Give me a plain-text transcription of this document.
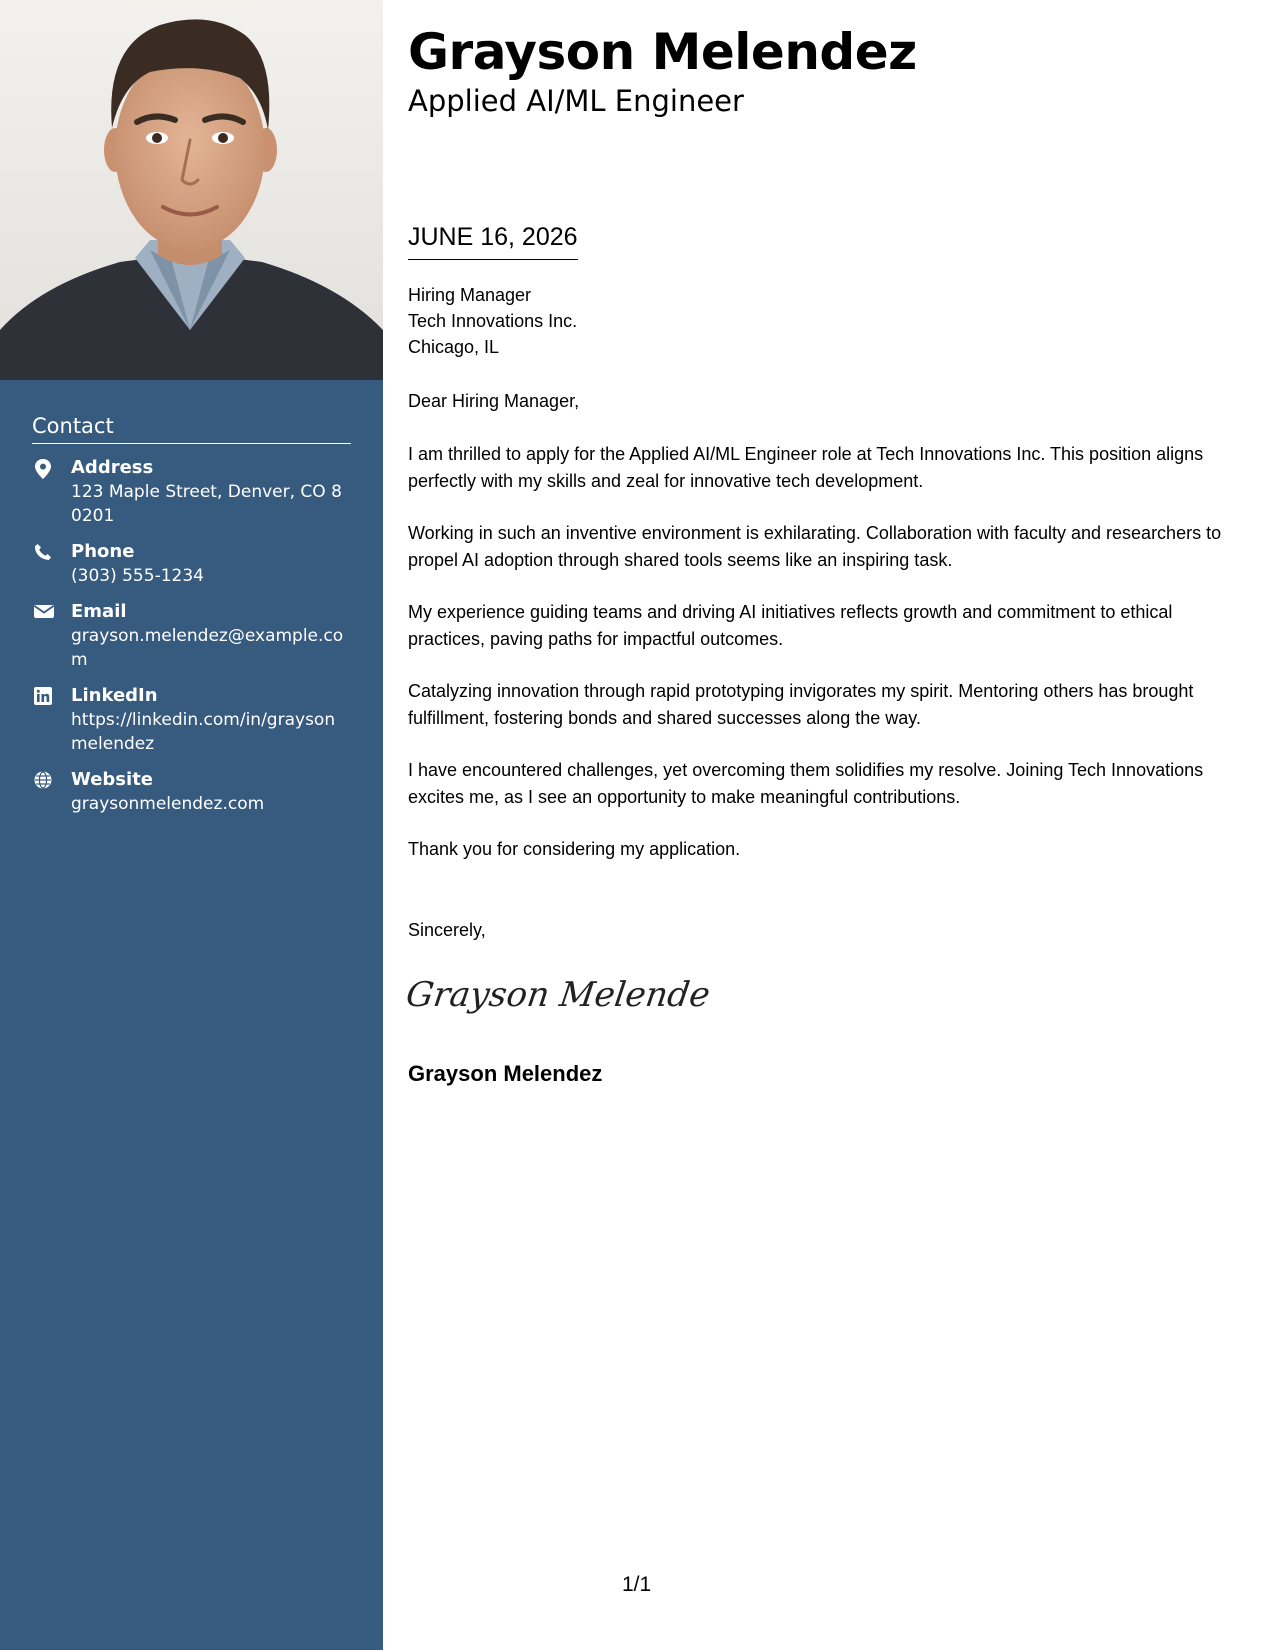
Contact
Address
123 Maple Street, Denver, CO 80201
Phone
(303) 555-1234
Email
grayson.melendez@example.com
LinkedIn
https://linkedin.com/in/graysonmelendez
Website
graysonmelendez.com
Grayson Melendez
Applied AI/ML Engineer
JUNE 16, 2026
Hiring Manager
Tech Innovations Inc.
Chicago, IL
Dear Hiring Manager,

I am thrilled to apply for the Applied AI/ML Engineer role at Tech Innovations Inc. This position aligns perfectly with my skills and zeal for innovative tech development.

Working in such an inventive environment is exhilarating. Collaboration with faculty and researchers to propel AI adoption through shared tools seems like an inspiring task.

My experience guiding teams and driving AI initiatives reflects growth and commitment to ethical practices, paving paths for impactful outcomes.

Catalyzing innovation through rapid prototyping invigorates my spirit. Mentoring others has brought fulfillment, fostering bonds and shared successes along the way.

I have encountered challenges, yet overcoming them solidifies my resolve. Joining Tech Innovations excites me, as I see an opportunity to make meaningful contributions.

Thank you for considering my application.

Sincerely,
Grayson Melende
Grayson Melendez
1/1
